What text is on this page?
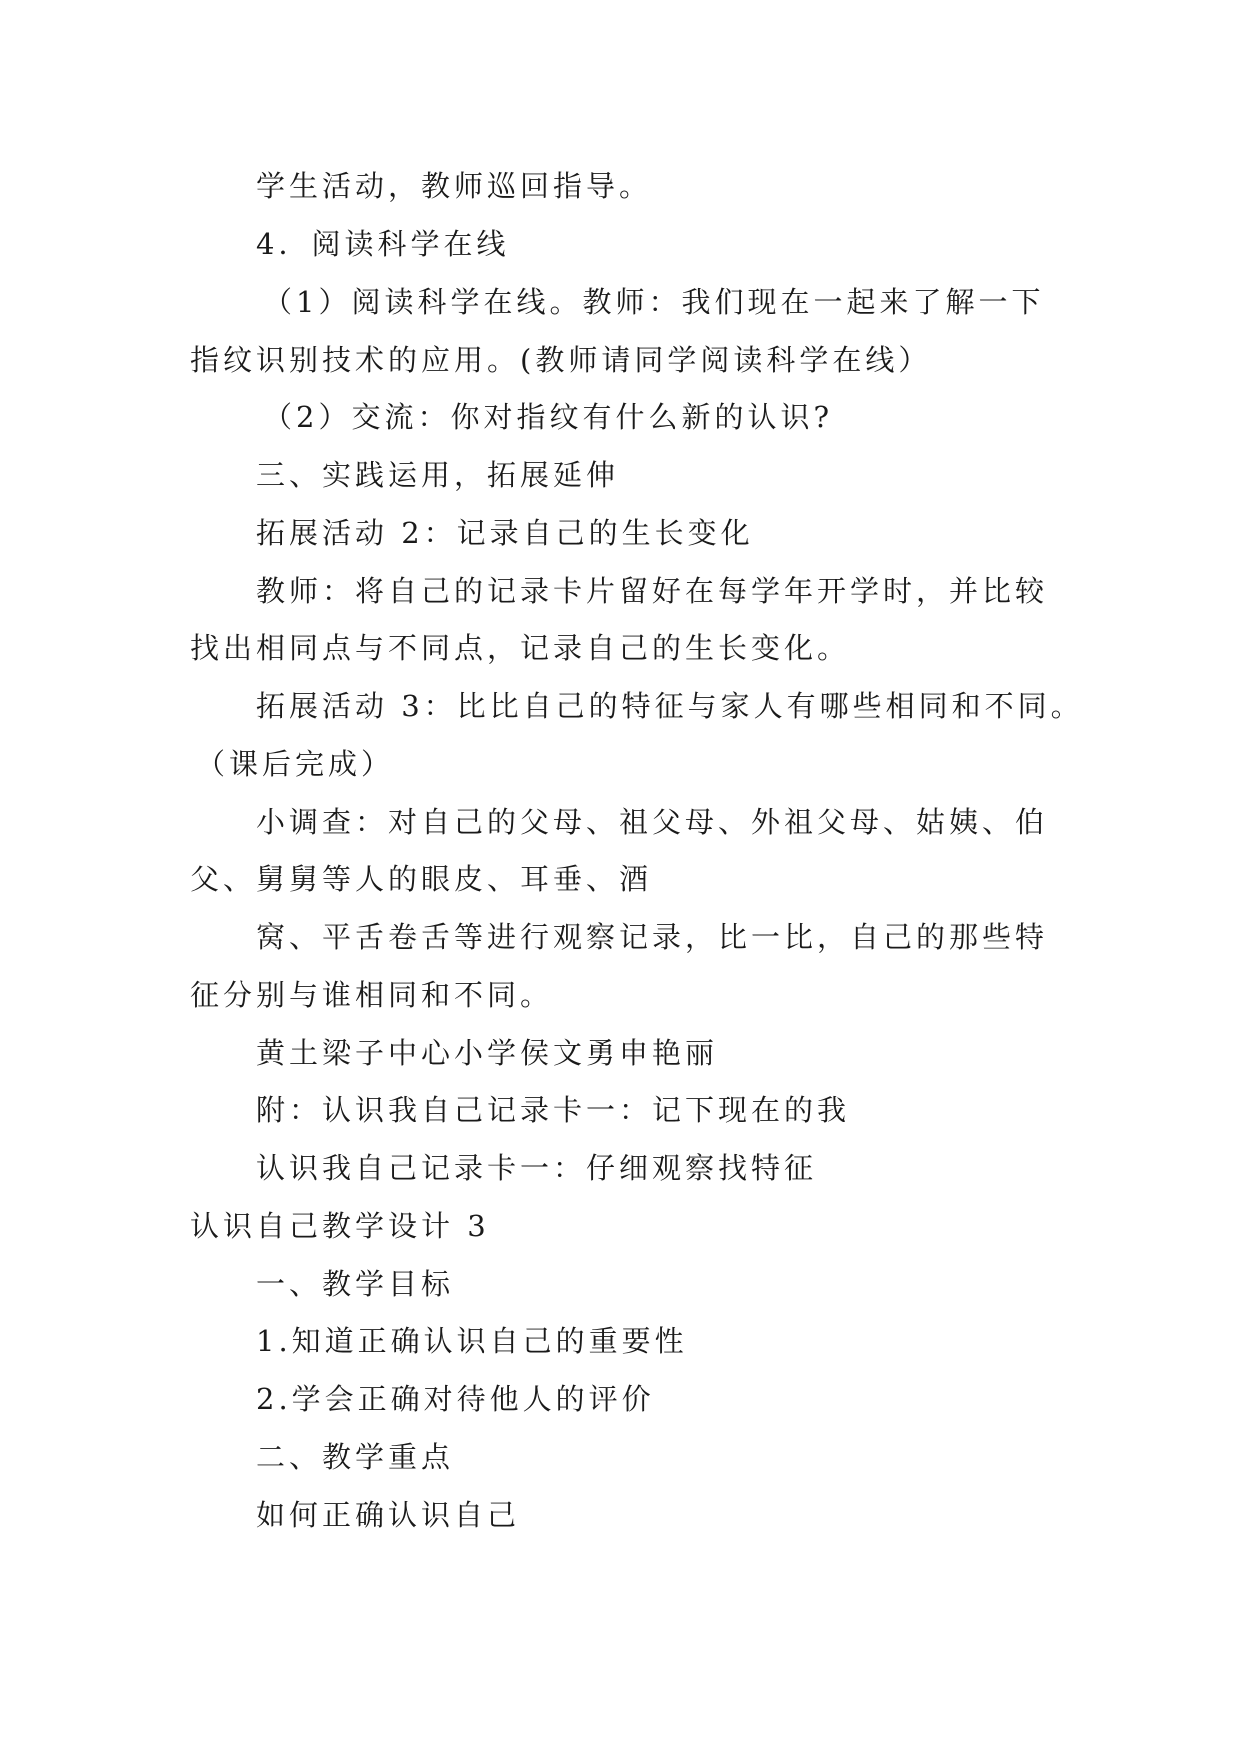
学生活动，教师巡回指导。
4．阅读科学在线
（1）阅读科学在线。教师：我们现在一起来了解一下
指纹识别技术的应用。(教师请同学阅读科学在线）
（2）交流：你对指纹有什么新的认识?
三、实践运用，拓展延伸
拓展活动 2：记录自己的生长变化
教师：将自己的记录卡片留好在每学年开学时，并比较
找出相同点与不同点，记录自己的生长变化。
拓展活动 3：比比自己的特征与家人有哪些相同和不同。
（课后完成）
小调查：对自己的父母、祖父母、外祖父母、姑姨、伯
父、舅舅等人的眼皮、耳垂、酒
窝、平舌卷舌等进行观察记录，比一比，自己的那些特
征分别与谁相同和不同。
黄土梁子中心小学侯文勇申艳丽
附：认识我自己记录卡一：记下现在的我
认识我自己记录卡一：仔细观察找特征
认识自己教学设计 3
一、教学目标
1.知道正确认识自己的重要性
2.学会正确对待他人的评价
二、教学重点
如何正确认识自己
